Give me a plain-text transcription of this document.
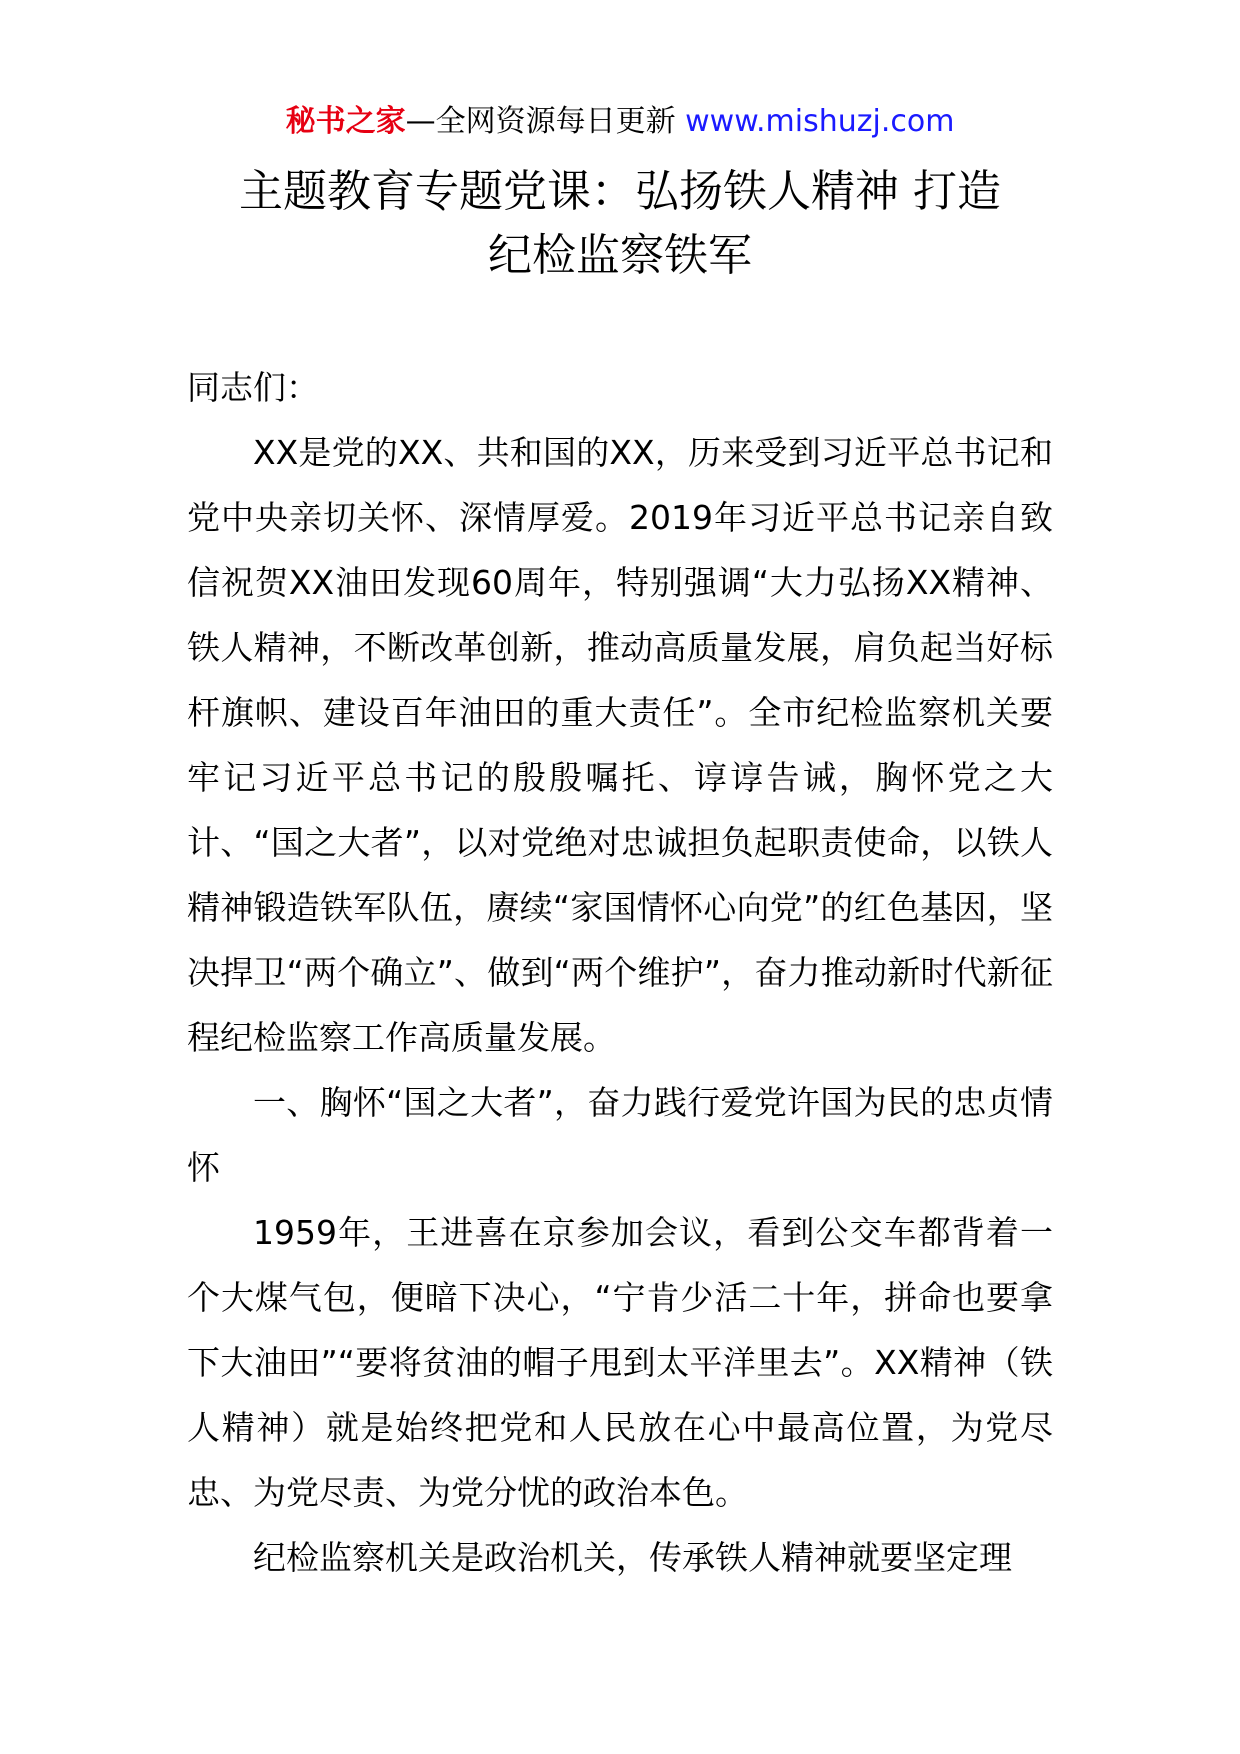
秘书之家—全网资源每日更新 www.mishuzj.com
主题教育专题党课：弘扬铁人精神 打造
纪检监察铁军

同志们：

XX是党的XX、共和国的XX，历来受到习近平总书记和党中央亲切关怀、深情厚爱。2019年习近平总书记亲自致信祝贺XX油田发现60周年，特别强调“大力弘扬XX精神、铁人精神，不断改革创新，推动高质量发展，肩负起当好标杆旗帜、建设百年油田的重大责任”。全市纪检监察机关要牢记习近平总书记的殷殷嘱托、谆谆告诫，胸怀党之大计、“国之大者”，以对党绝对忠诚担负起职责使命，以铁人精神锻造铁军队伍，赓续“家国情怀心向党”的红色基因，坚决捍卫“两个确立”、做到“两个维护”，奋力推动新时代新征程纪检监察工作高质量发展。

一、胸怀“国之大者”，奋力践行爱党许国为民的忠贞情怀

1959年，王进喜在京参加会议，看到公交车都背着一个大煤气包，便暗下决心，“宁肯少活二十年，拼命也要拿下大油田”“要将贫油的帽子甩到太平洋里去”。XX精神（铁人精神）就是始终把党和人民放在心中最高位置，为党尽忠、为党尽责、为党分忧的政治本色。

纪检监察机关是政治机关，传承铁人精神就要坚定理
